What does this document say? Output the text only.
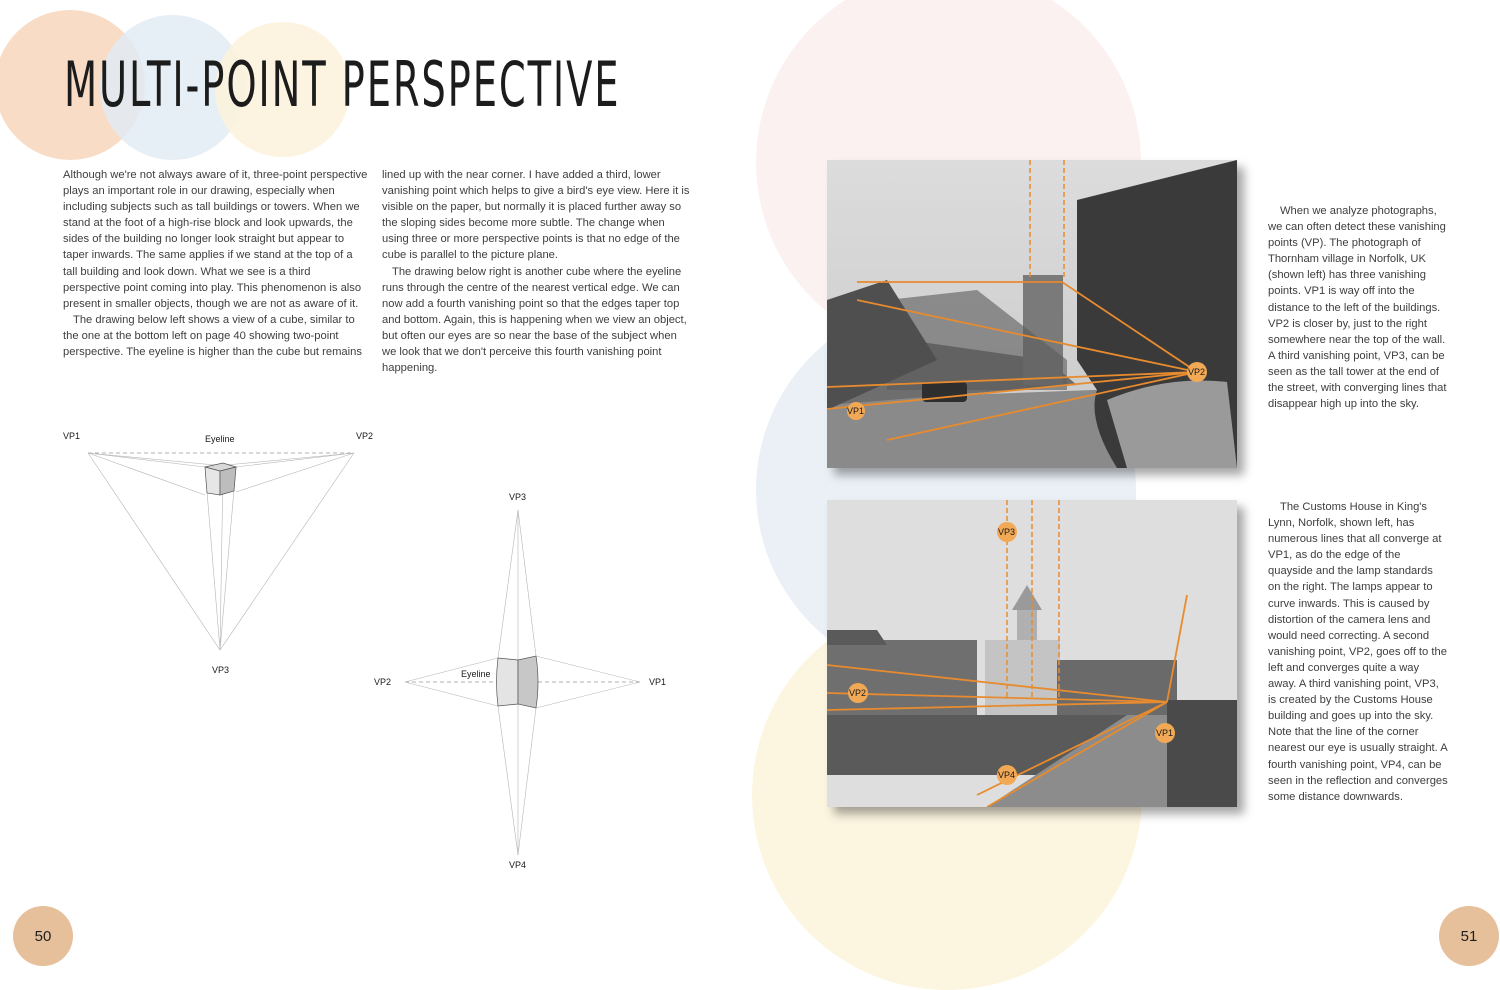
MULTI-POINT PERSPECTIVE

Although we're not always aware of it, three-point perspective plays an important role in our drawing, especially when including subjects such as tall buildings or towers. When we stand at the foot of a high-rise block and look upwards, the sides of the building no longer look straight but appear to taper inwards. The same applies if we stand at the top of a tall building and look down. What we see is a third perspective point coming into play. This phenomenon is also present in smaller objects, though we are not as aware of it.

The drawing below left shows a view of a cube, similar to the one at the bottom left on page 40 showing two-point perspective. The eyeline is higher than the cube but remains

lined up with the near corner. I have added a third, lower vanishing point which helps to give a bird's eye view. Here it is visible on the paper, but normally it is placed further away so the sloping sides become more subtle. The change when using three or more perspective points is that no edge of the cube is parallel to the picture plane.

The drawing below right is another cube where the eyeline runs through the centre of the nearest vertical edge. We can now add a fourth vanishing point so that the edges taper top and bottom. Again, this is happening when we view an object, but often our eyes are so near the base of the subject when we look that we don't perceive this fourth vanishing point happening.

VP1	Eyeline	VP2
VP3
VP3
VP2
Eyeline
VP1
VP4
VP1
VP2
VP3
VP2
VP1
VP4

When we analyze photographs, we can often detect these vanishing points (VP). The photograph of Thornham village in Norfolk, UK (shown left) has three vanishing points. VP1 is way off into the distance to the left of the buildings. VP2 is closer by, just to the right somewhere near the top of the wall. A third vanishing point, VP3, can be seen as the tall tower at the end of the street, with converging lines that disappear high up into the sky.

The Customs House in King's Lynn, Norfolk, shown left, has numerous lines that all converge at VP1, as do the edge of the quayside and the lamp standards on the right. The lamps appear to curve inwards. This is caused by distortion of the camera lens and would need correcting. A second vanishing point, VP2, goes off to the left and converges quite a way away. A third vanishing point, VP3, is created by the Customs House building and goes up into the sky. Note that the line of the corner nearest our eye is usually straight. A fourth vanishing point, VP4, can be seen in the reflection and converges some distance downwards.

50	51
